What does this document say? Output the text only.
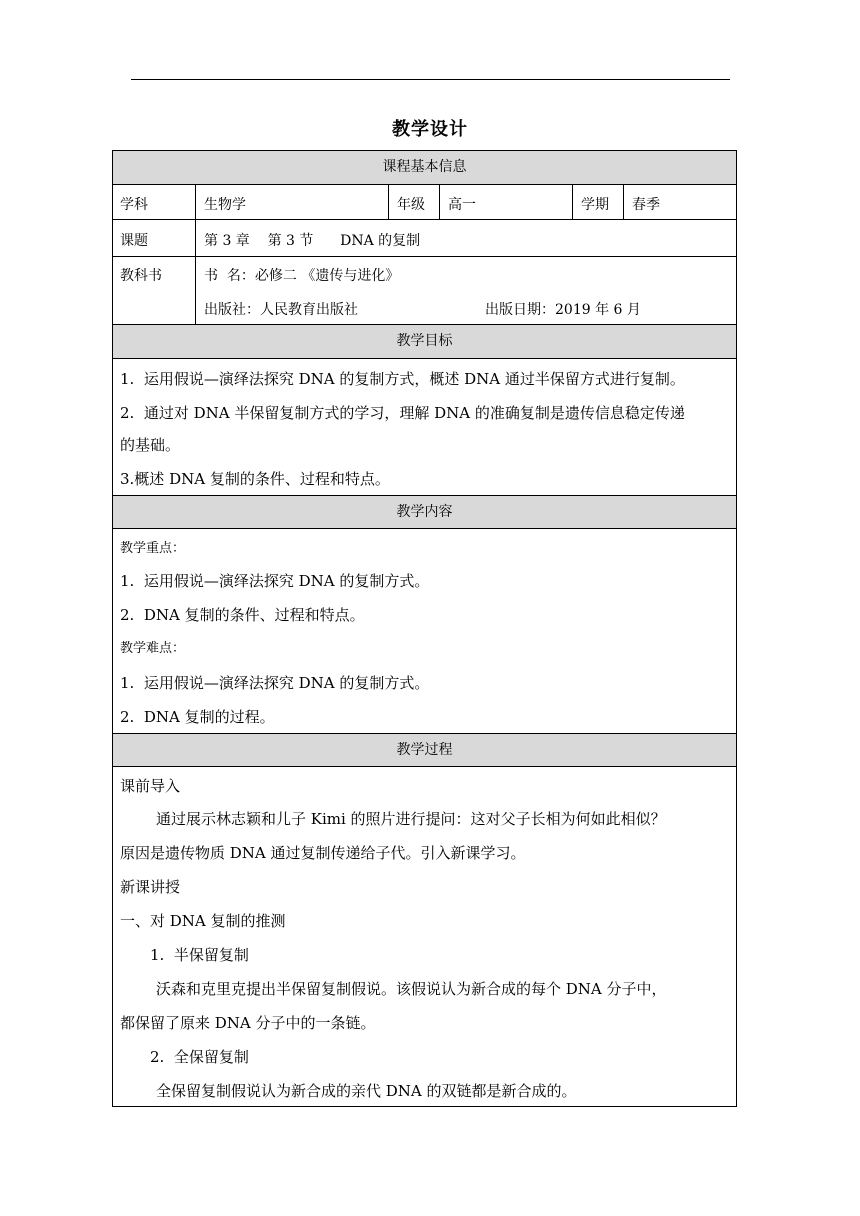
教学设计
课程基本信息
学科	生物学	年级 高一	学期 春季
课题	第 3 章    第 3 节      DNA 的复制
教科书	书  名：必修二 《遗传与进化》
出版社：人民教育出版社	出版日期：2019 年 6 月
教学目标
1.  运用假说—演绎法探究 DNA 的复制方式，概述 DNA 通过半保留方式进行复制。
2.  通过对 DNA 半保留复制方式的学习，理解 DNA 的准确复制是遗传信息稳定传递
的基础。
3.概述 DNA 复制的条件、过程和特点。
教学内容
教学重点：
1.  运用假说—演绎法探究 DNA 的复制方式。
2.  DNA 复制的条件、过程和特点。
教学难点：
1.  运用假说—演绎法探究 DNA 的复制方式。
2.  DNA 复制的过程。
教学过程
课前导入
通过展示林志颖和儿子 Kimi 的照片进行提问：这对父子长相为何如此相似？
原因是遗传物质 DNA 通过复制传递给子代。引入新课学习。
新课讲授
一、对 DNA 复制的推测
1.  半保留复制
沃森和克里克提出半保留复制假说。该假说认为新合成的每个 DNA 分子中，
都保留了原来 DNA 分子中的一条链。
2.  全保留复制
全保留复制假说认为新合成的亲代 DNA 的双链都是新合成的。
